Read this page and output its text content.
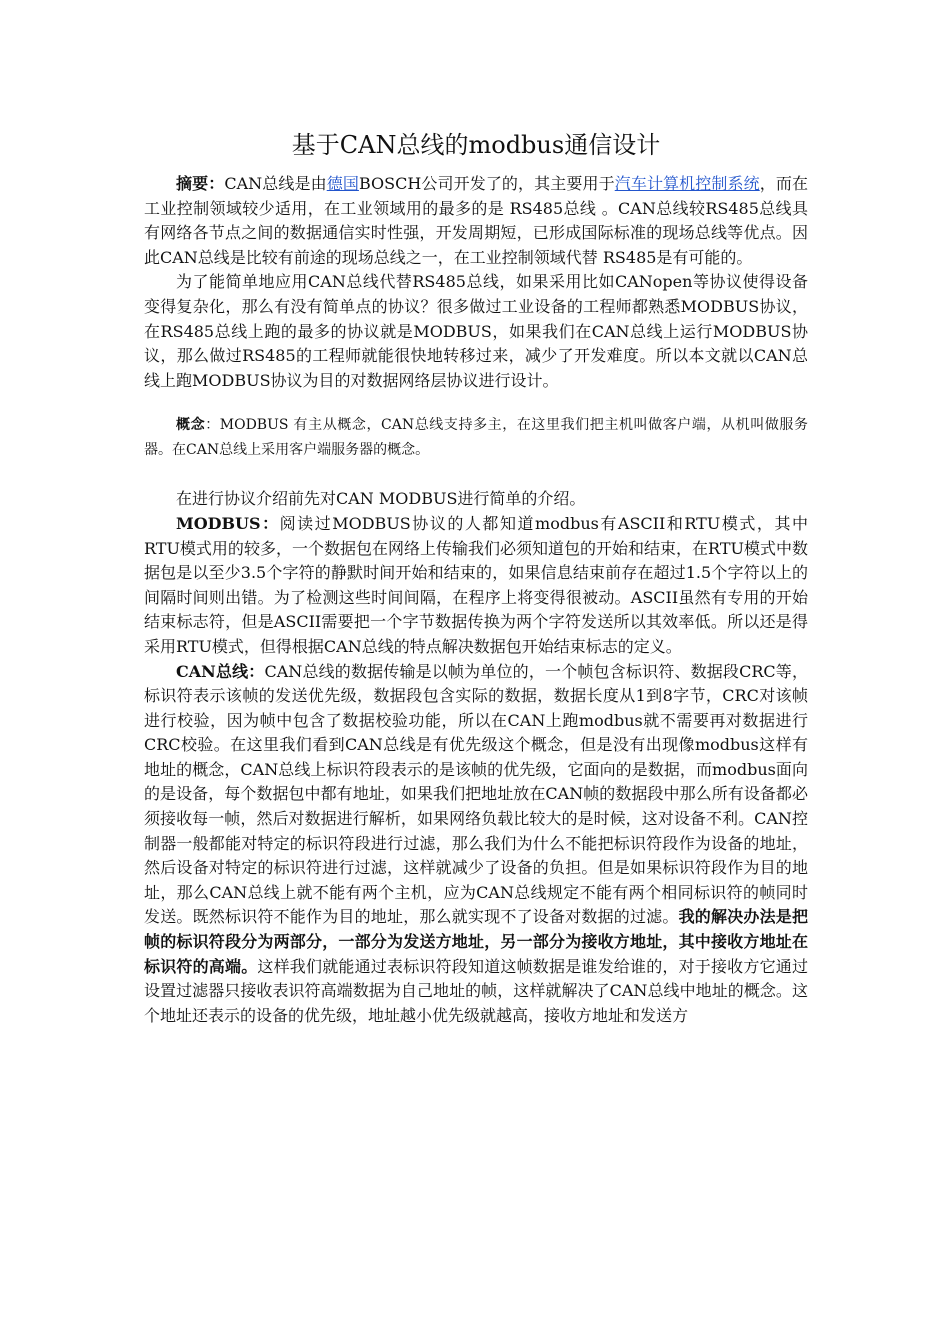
基于CAN总线的modbus通信设计

摘要：CAN总线是由德国BOSCH公司开发了的，其主要用于汽车计算机控制系统，而在工业控制领域较少适用，在工业领域用的最多的是 RS485总线 。CAN总线较RS485总线具有网络各节点之间的数据通信实时性强，开发周期短，已形成国际标准的现场总线等优点。因此CAN总线是比较有前途的现场总线之一，在工业控制领域代替 RS485是有可能的。

为了能简单地应用CAN总线代替RS485总线，如果采用比如CANopen等协议使得设备变得复杂化，那么有没有简单点的协议？很多做过工业设备的工程师都熟悉MODBUS协议，在RS485总线上跑的最多的协议就是MODBUS，如果我们在CAN总线上运行MODBUS协议，那么做过RS485的工程师就能很快地转移过来，减少了开发难度。所以本文就以CAN总线上跑MODBUS协议为目的对数据网络层协议进行设计。

概念：MODBUS 有主从概念，CAN总线支持多主，在这里我们把主机叫做客户端，从机叫做服务器。在CAN总线上采用客户端服务器的概念。

在进行协议介绍前先对CAN MODBUS进行简单的介绍。

MODBUS：阅读过MODBUS协议的人都知道modbus有ASCII和RTU模式，其中RTU模式用的较多，一个数据包在网络上传输我们必须知道包的开始和结束，在RTU模式中数据包是以至少3.5个字符的静默时间开始和结束的，如果信息结束前存在超过1.5个字符以上的间隔时间则出错。为了检测这些时间间隔，在程序上将变得很被动。ASCII虽然有专用的开始结束标志符，但是ASCII需要把一个字节数据传换为两个字符发送所以其效率低。所以还是得采用RTU模式，但得根据CAN总线的特点解决数据包开始结束标志的定义。

CAN总线：CAN总线的数据传输是以帧为单位的，一个帧包含标识符、数据段CRC等，标识符表示该帧的发送优先级，数据段包含实际的数据，数据长度从1到8字节，CRC对该帧进行校验，因为帧中包含了数据校验功能，所以在CAN上跑modbus就不需要再对数据进行CRC校验。在这里我们看到CAN总线是有优先级这个概念，但是没有出现像modbus这样有地址的概念，CAN总线上标识符段表示的是该帧的优先级，它面向的是数据，而modbus面向的是设备，每个数据包中都有地址，如果我们把地址放在CAN帧的数据段中那么所有设备都必须接收每一帧，然后对数据进行解析，如果网络负载比较大的是时候，这对设备不利。CAN控制器一般都能对特定的标识符段进行过滤，那么我们为什么不能把标识符段作为设备的地址，然后设备对特定的标识符进行过滤，这样就减少了设备的负担。但是如果标识符段作为目的地址，那么CAN总线上就不能有两个主机，应为CAN总线规定不能有两个相同标识符的帧同时发送。既然标识符不能作为目的地址，那么就实现不了设备对数据的过滤。我的解决办法是把帧的标识符段分为两部分，一部分为发送方地址，另一部分为接收方地址，其中接收方地址在标识符的高端。这样我们就能通过表标识符段知道这帧数据是谁发给谁的，对于接收方它通过设置过滤器只接收表识符高端数据为自己地址的帧，这样就解决了CAN总线中地址的概念。这个地址还表示的设备的优先级，地址越小优先级就越高，接收方地址和发送方
